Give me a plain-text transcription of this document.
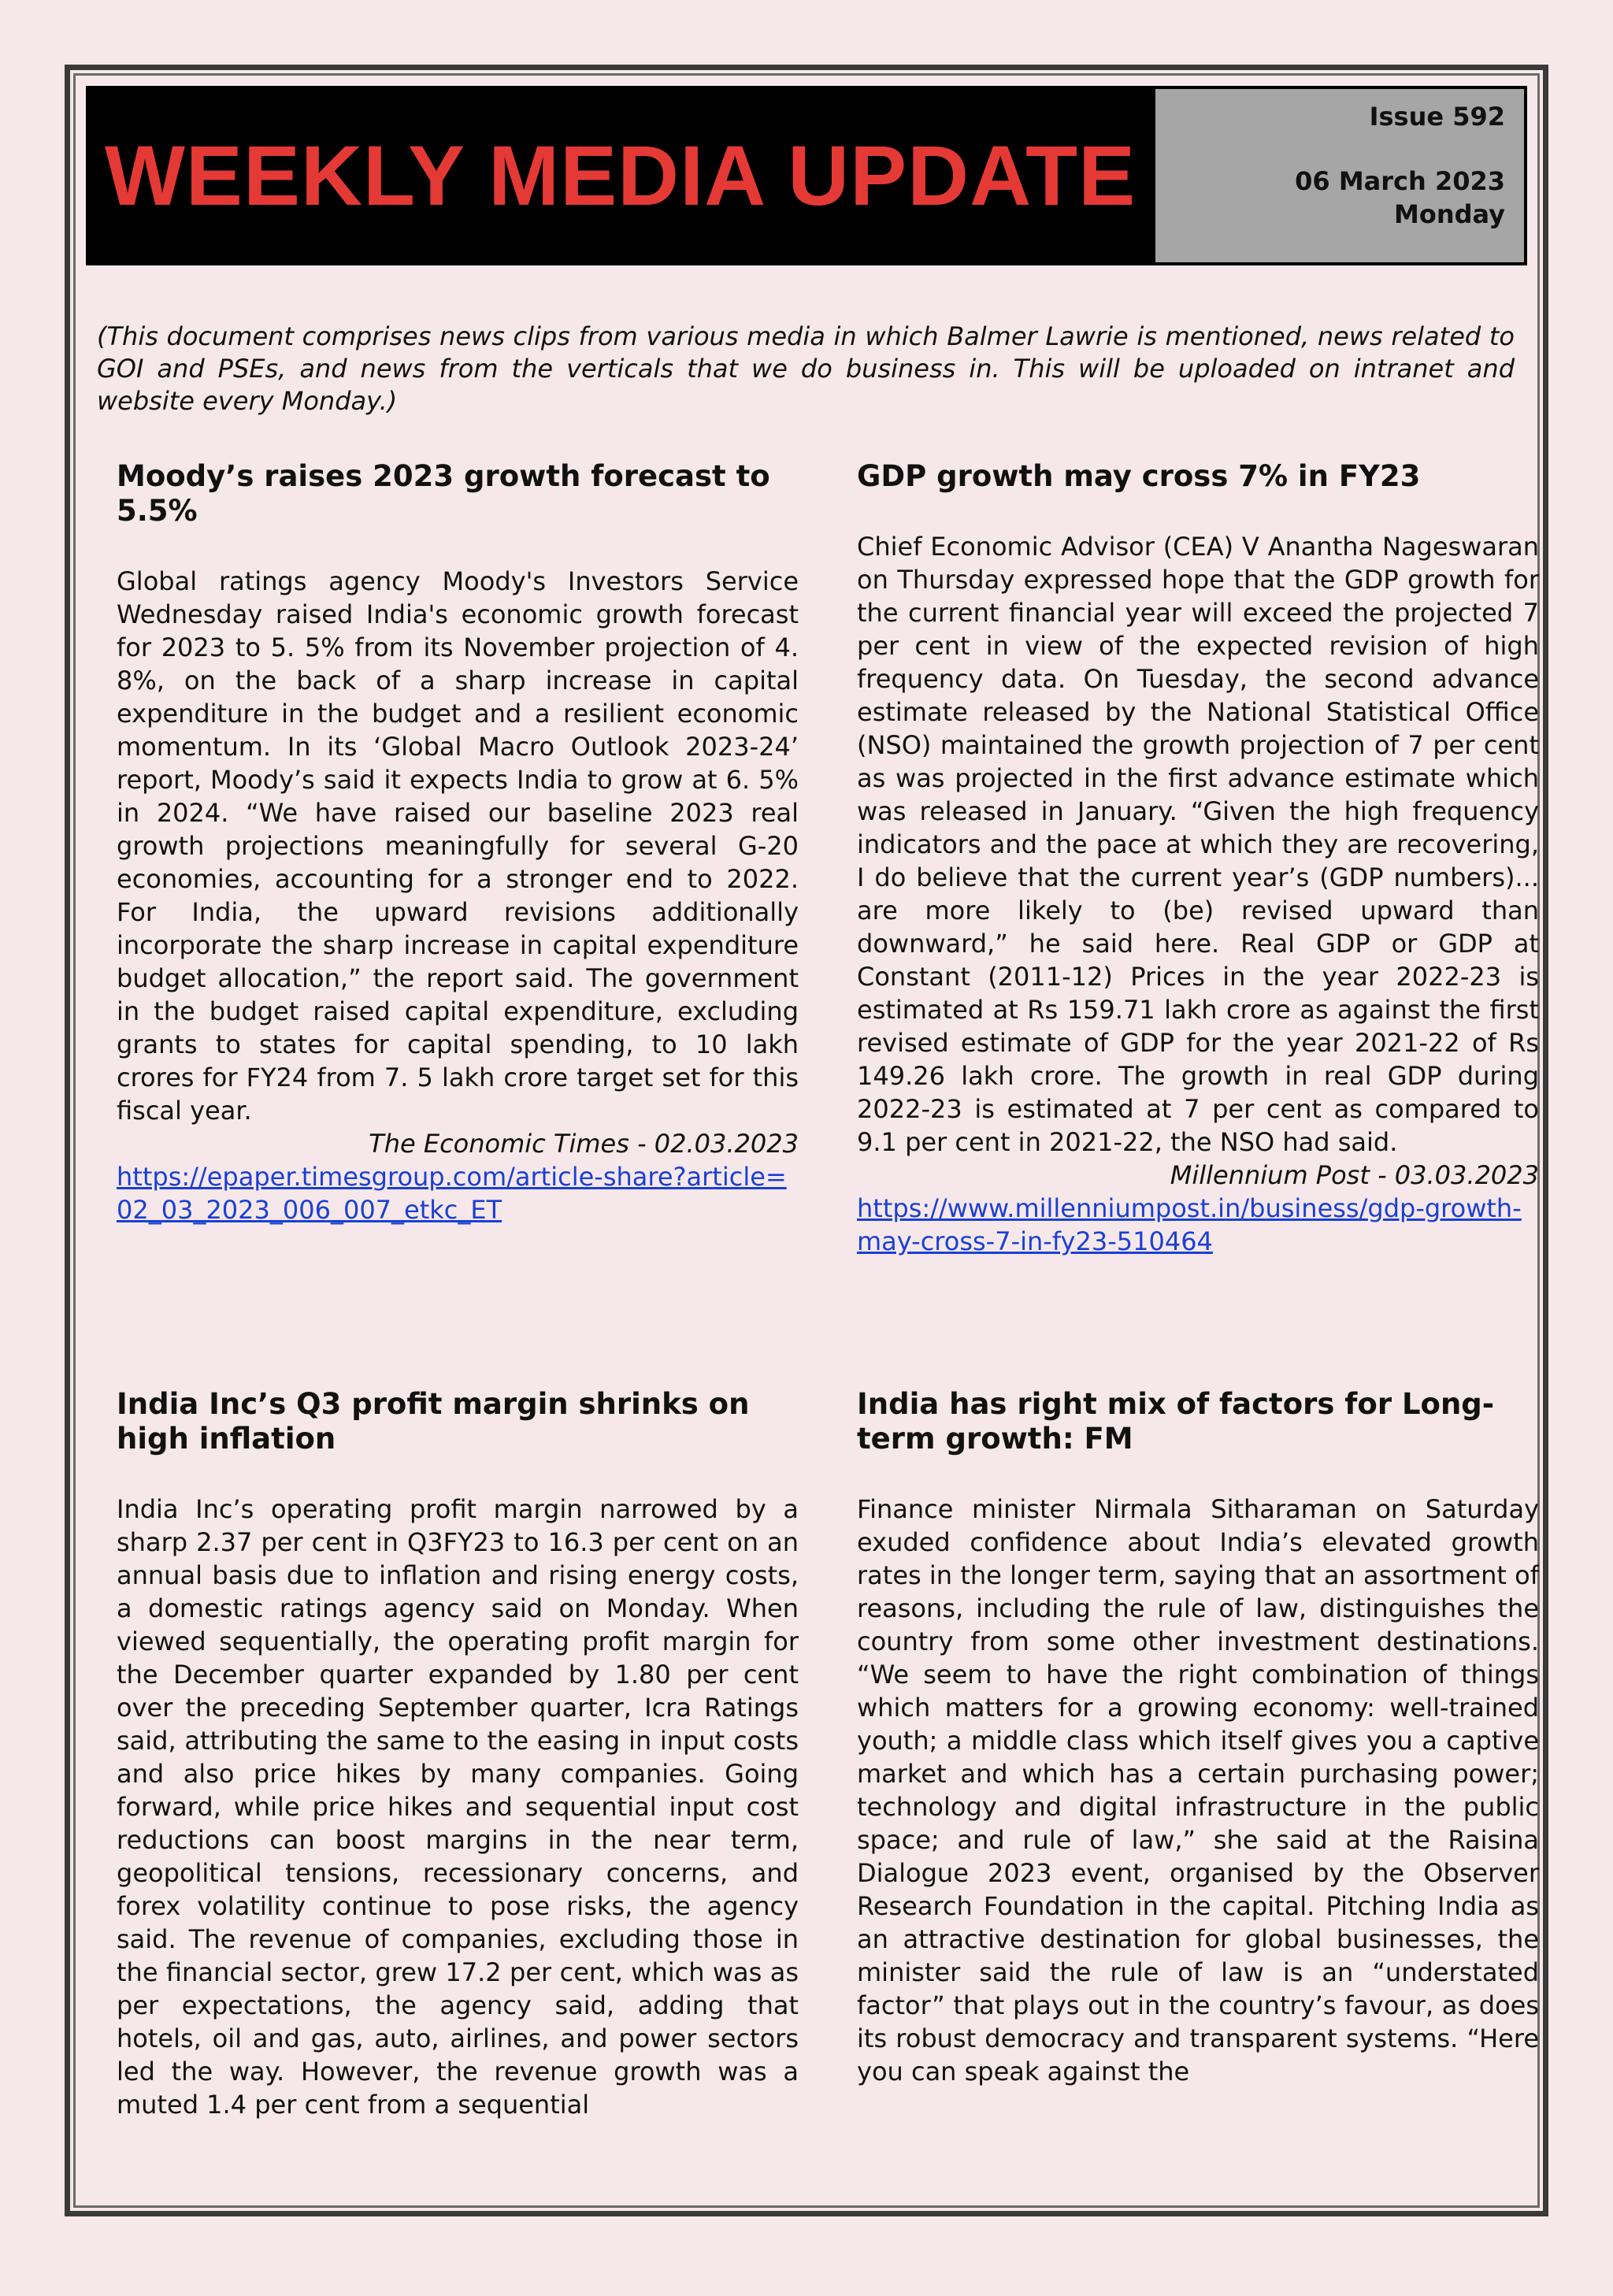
WEEKLY MEDIA UPDATE
Issue 592
06 March 2023
Monday

(This document comprises news clips from various media in which Balmer Lawrie is mentioned, news related to GOI and PSEs, and news from the verticals that we do business in. This will be uploaded on intranet and website every Monday.)

Moody’s raises 2023 growth forecast to 5.5%

Global ratings agency Moody's Investors Service Wednesday raised India's economic growth forecast for 2023 to 5. 5% from its November projection of 4. 8%, on the back of a sharp increase in capital expenditure in the budget and a resilient economic momentum. In its ‘Global Macro Outlook 2023-24’ report, Moody’s said it expects India to grow at 6. 5% in 2024. “We have raised our baseline 2023 real growth projections meaningfully for several G-20 economies, accounting for a stronger end to 2022. For India, the upward revisions additionally incorporate the sharp increase in capital expenditure budget allocation,” the report said. The government in the budget raised capital expenditure, excluding grants to states for capital spending, to 10 lakh crores for FY24 from 7. 5 lakh crore target set for this fiscal year.

The Economic Times - 02.03.2023

https://epaper.timesgroup.com/article-share?article=02_03_2023_006_007_etkc_ET

GDP growth may cross 7% in FY23

Chief Economic Advisor (CEA) V Anantha Nageswaran on Thursday expressed hope that the GDP growth for the current financial year will exceed the projected 7 per cent in view of the expected revision of high frequency data. On Tuesday, the second advance estimate released by the National Statistical Office (NSO) maintained the growth projection of 7 per cent as was projected in the first advance estimate which was released in January. “Given the high frequency indicators and the pace at which they are recovering, I do believe that the current year’s (GDP numbers)... are more likely to (be) revised upward than downward,” he said here. Real GDP or GDP at Constant (2011-12) Prices in the year 2022-23 is estimated at Rs 159.71 lakh crore as against the first revised estimate of GDP for the year 2021-22 of Rs 149.26 lakh crore. The growth in real GDP during 2022-23 is estimated at 7 per cent as compared to 9.1 per cent in 2021-22, the NSO had said.

Millennium Post - 03.03.2023

https://www.millenniumpost.in/business/gdp-growth-may-cross-7-in-fy23-510464

India Inc’s Q3 profit margin shrinks on high inflation

India Inc’s operating profit margin narrowed by a sharp 2.37 per cent in Q3FY23 to 16.3 per cent on an annual basis due to inflation and rising energy costs, a domestic ratings agency said on Monday. When viewed sequentially, the operating profit margin for the December quarter expanded by 1.80 per cent over the preceding September quarter, Icra Ratings said, attributing the same to the easing in input costs and also price hikes by many companies. Going forward, while price hikes and sequential input cost reductions can boost margins in the near term, geopolitical tensions, recessionary concerns, and forex volatility continue to pose risks, the agency said. The revenue of companies, excluding those in the financial sector, grew 17.2 per cent, which was as per expectations, the agency said, adding that hotels, oil and gas, auto, airlines, and power sectors led the way. However, the revenue growth was a muted 1.4 per cent from a sequential

India has right mix of factors for Long-term growth: FM

Finance minister Nirmala Sitharaman on Saturday exuded confidence about India’s elevated growth rates in the longer term, saying that an assortment of reasons, including the rule of law, distinguishes the country from some other investment destinations. “We seem to have the right combination of things which matters for a growing economy: well-trained youth; a middle class which itself gives you a captive market and which has a certain purchasing power; technology and digital infrastructure in the public space; and rule of law,” she said at the Raisina Dialogue 2023 event, organised by the Observer Research Foundation in the capital. Pitching India as an attractive destination for global businesses, the minister said the rule of law is an “understated factor” that plays out in the country’s favour, as does its robust democracy and transparent systems. “Here you can speak against the
